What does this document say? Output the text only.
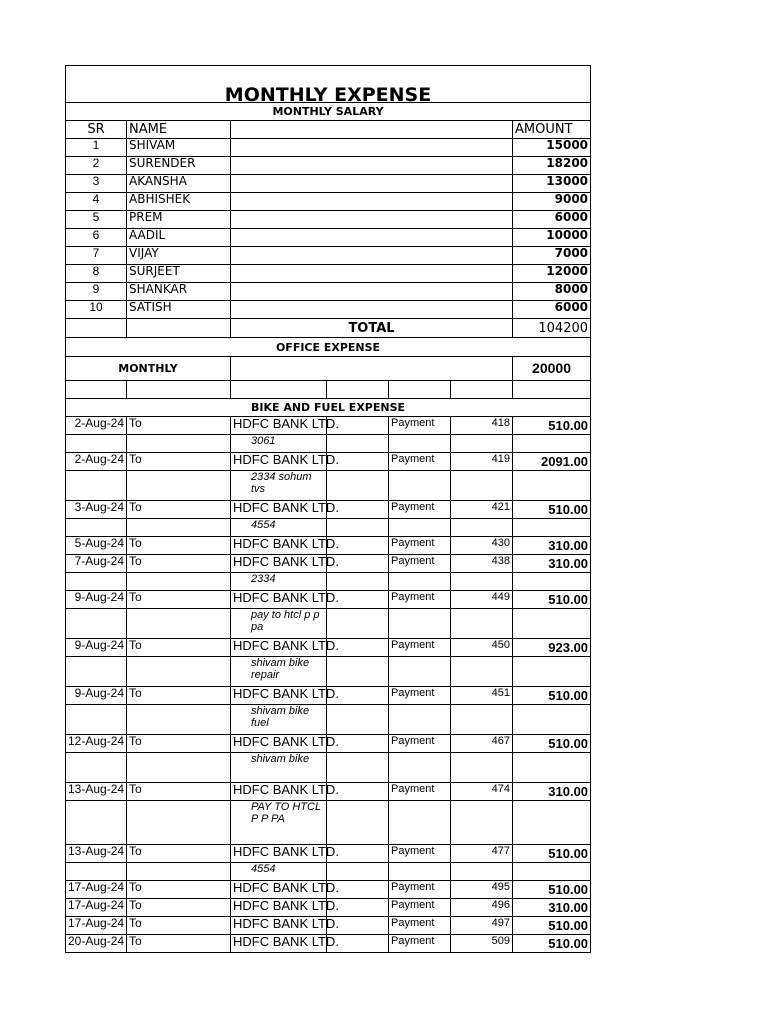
MONTHLY EXPENSE						
MONTHLY SALARY						
SR	NAME					AMOUNT
1	SHIVAM					15000
2	SURENDER					18200
3	AKANSHA					13000
4	ABHISHEK					9000
5	PREM					6000
6	AADIL					10000
7	VIJAY					7000
8	SURJEET					12000
9	SHANKAR					8000
10	SATISH					6000
		TOTAL				104200
OFFICE EXPENSE						
MONTHLY						20000

BIKE AND FUEL EXPENSE						
2-Aug-24	To	HDFC BANK LTD.		Payment	418	510.00
		3061				
2-Aug-24	To	HDFC BANK LTD.		Payment	419	2091.00
		2334 sohum tvs				
3-Aug-24	To	HDFC BANK LTD.		Payment	421	510.00
		4554				
5-Aug-24	To	HDFC BANK LTD.		Payment	430	310.00
7-Aug-24	To	HDFC BANK LTD.		Payment	438	310.00
		2334				
9-Aug-24	To	HDFC BANK LTD.		Payment	449	510.00
		pay to htcl p p pa				
9-Aug-24	To	HDFC BANK LTD.		Payment	450	923.00
		shivam bike repair				
9-Aug-24	To	HDFC BANK LTD.		Payment	451	510.00
		shivam bike fuel				
12-Aug-24	To	HDFC BANK LTD.		Payment	467	510.00
		shivam bike				
13-Aug-24	To	HDFC BANK LTD.		Payment	474	310.00
		PAY TO HTCL P P PA				
13-Aug-24	To	HDFC BANK LTD.		Payment	477	510.00
		4554				
17-Aug-24	To	HDFC BANK LTD.		Payment	495	510.00
17-Aug-24	To	HDFC BANK LTD.		Payment	496	310.00
17-Aug-24	To	HDFC BANK LTD.		Payment	497	510.00
20-Aug-24	To	HDFC BANK LTD.		Payment	509	510.00
